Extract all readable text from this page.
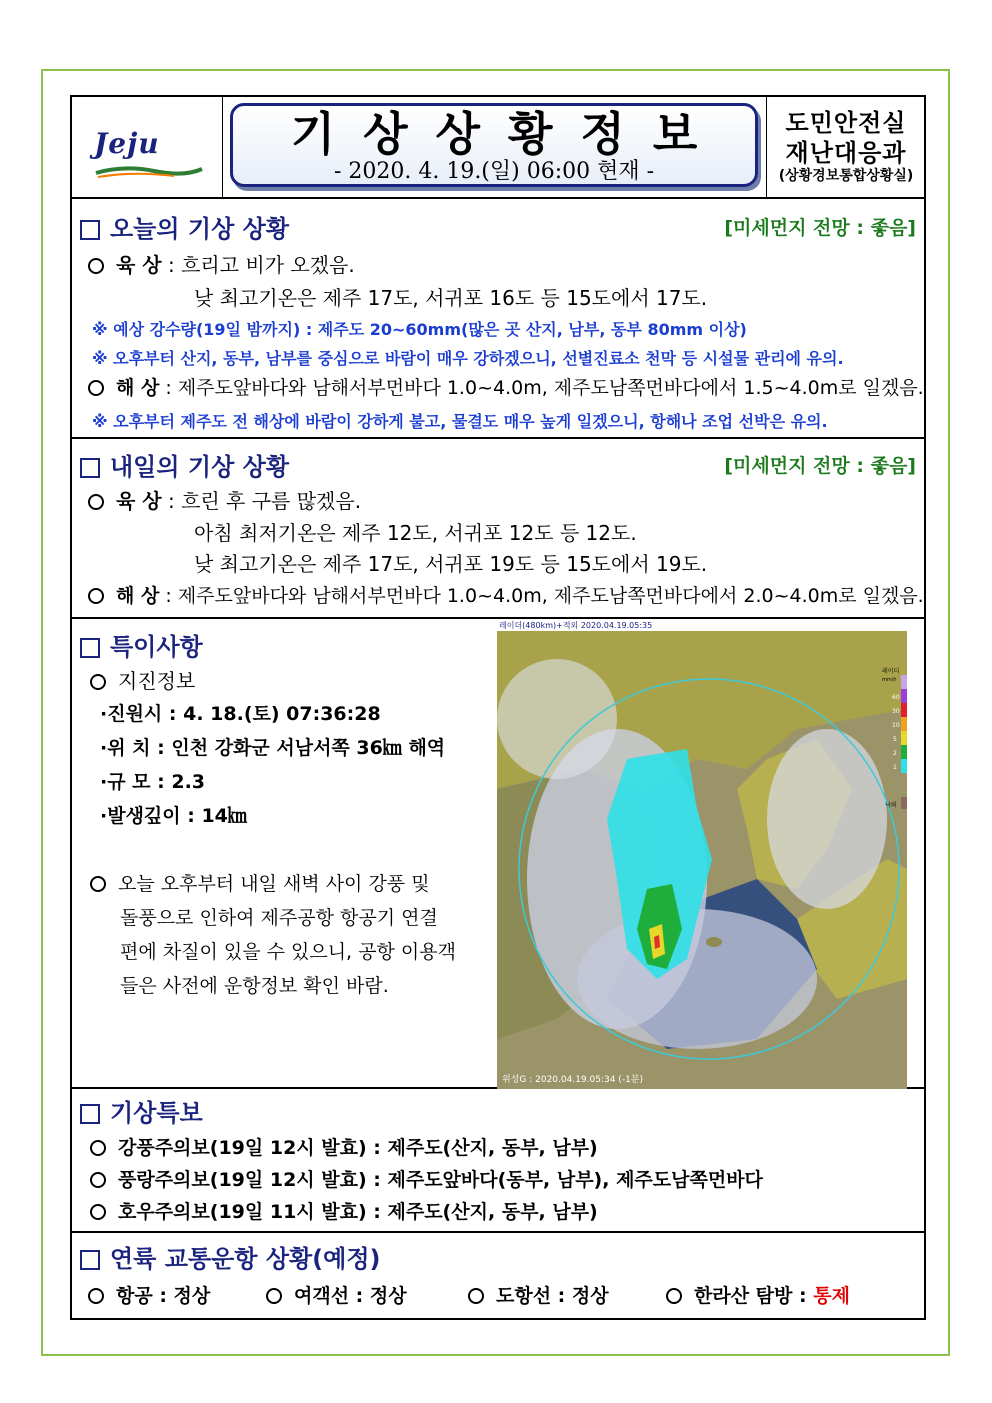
Jeju	기상상황정보
- 2020. 4. 19.(일) 06:00 현재 -
도민안전실
재난대응과
(상황경보통합상황실)
오늘의 기상 상황	[미세먼지 전망 : 좋음]
육 상 : 흐리고 비가 오겠음.
낮 최고기온은 제주 17도, 서귀포 16도 등 15도에서 17도.
※ 예상 강수량(19일 밤까지) : 제주도 20~60mm(많은 곳 산지, 남부, 동부 80mm 이상)
※ 오후부터 산지, 동부, 남부를 중심으로 바람이 매우 강하겠으니, 선별진료소 천막 등 시설물 관리에 유의.
해 상 : 제주도앞바다와 남해서부먼바다 1.0~4.0m, 제주도남쪽먼바다에서 1.5~4.0m로 일겠음.
※ 오후부터 제주도 전 해상에 바람이 강하게 불고, 물결도 매우 높게 일겠으니, 항해나 조업 선박은 유의.
내일의 기상 상황	[미세먼지 전망 : 좋음]
육 상 : 흐린 후 구름 많겠음.
아침 최저기온은 제주 12도, 서귀포 12도 등 12도.
낮 최고기온은 제주 17도, 서귀포 19도 등 15도에서 19도.
해 상 : 제주도앞바다와 남해서부먼바다 1.0~4.0m, 제주도남쪽먼바다에서 2.0~4.0m로 일겠음.
특이사항
지진정보
·진원시 : 4. 18.(토) 07:36:28
·위 치 : 인천 강화군 서남서쪽 36㎞ 해역
·규 모 : 2.3
·발생깊이 : 14㎞
오늘 오후부터 내일 새벽 사이 강풍 및
돌풍으로 인하여 제주공항 항공기 연결
편에 차질이 있을 수 있으니, 공항 이용객
들은 사전에 운항정보 확인 바람.
레이더(480km)+적외 2020.04.19.05:35
위성G : 2020.04.19.05:34 (-1분)
레이더
mm/h
60
30
10
5
2
1
낙뢰
기상특보
강풍주의보(19일 12시 발효) : 제주도(산지, 동부, 남부)
풍랑주의보(19일 12시 발효) : 제주도앞바다(동부, 남부), 제주도남쪽먼바다
호우주의보(19일 11시 발효) : 제주도(산지, 동부, 남부)
연륙 교통운항 상황(예정)
항공 : 정상	여객선 : 정상	도항선 : 정상	한라산 탐방 : 통제
